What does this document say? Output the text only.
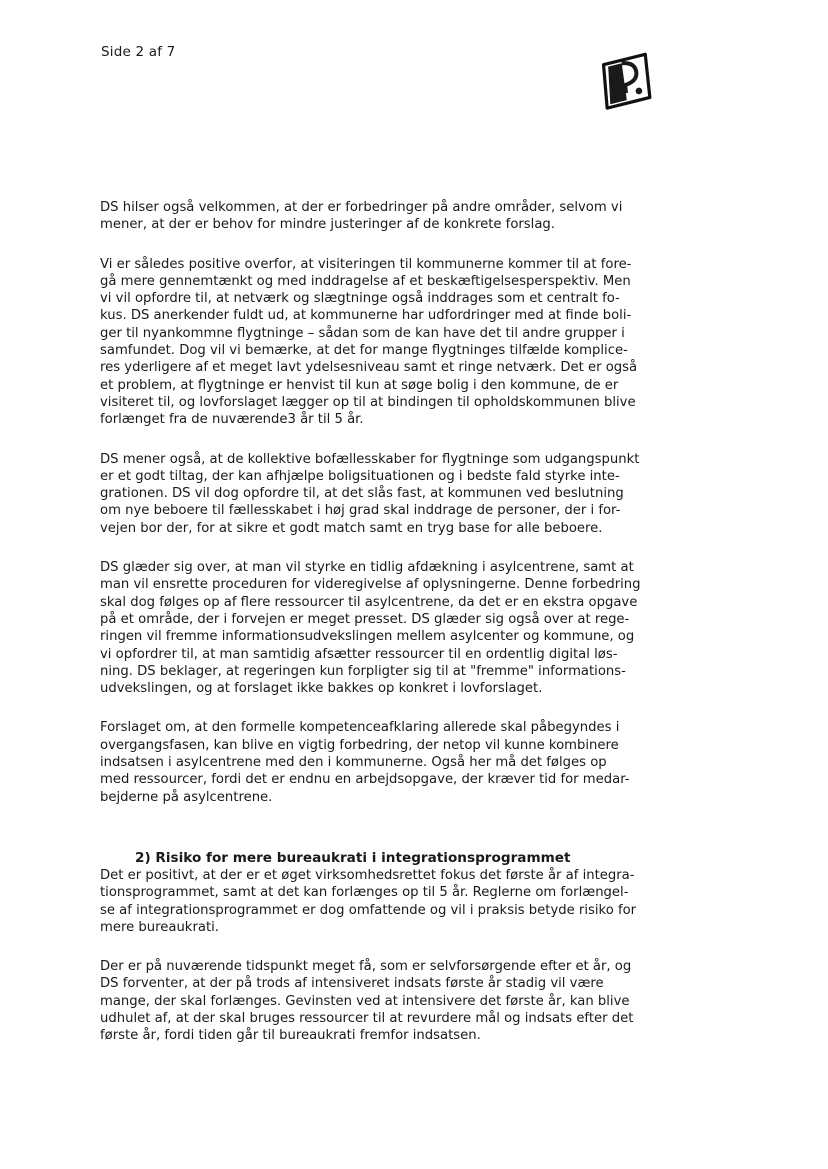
Side 2 af 7

DS hilser også velkommen, at der er forbedringer på andre områder, selvom vi
mener, at der er behov for mindre justeringer af de konkrete forslag.

Vi er således positive overfor, at visiteringen til kommunerne kommer til at fore-
gå mere gennemtænkt og med inddragelse af et beskæftigelsesperspektiv. Men
vi vil opfordre til, at netværk og slægtninge også inddrages som et centralt fo-
kus. DS anerkender fuldt ud, at kommunerne har udfordringer med at finde boli-
ger til nyankommne flygtninge – sådan som de kan have det til andre grupper i
samfundet. Dog vil vi bemærke, at det for mange flygtninges tilfælde komplice-
res yderligere af et meget lavt ydelsesniveau samt et ringe netværk. Det er også
et problem, at flygtninge er henvist til kun at søge bolig i den kommune, de er
visiteret til, og lovforslaget lægger op til at bindingen til opholdskommunen blive
forlænget fra de nuværende3 år til 5 år.

DS mener også, at de kollektive bofællesskaber for flygtninge som udgangspunkt
er et godt tiltag, der kan afhjælpe boligsituationen og i bedste fald styrke inte-
grationen. DS vil dog opfordre til, at det slås fast, at kommunen ved beslutning
om nye beboere til fællesskabet i høj grad skal inddrage de personer, der i for-
vejen bor der, for at sikre et godt match samt en tryg base for alle beboere.

DS glæder sig over, at man vil styrke en tidlig afdækning i asylcentrene, samt at
man vil ensrette proceduren for videregivelse af oplysningerne. Denne forbedring
skal dog følges op af flere ressourcer til asylcentrene, da det er en ekstra opgave
på et område, der i forvejen er meget presset. DS glæder sig også over at rege-
ringen vil fremme informationsudvekslingen mellem asylcenter og kommune, og
vi opfordrer til, at man samtidig afsætter ressourcer til en ordentlig digital løs-
ning. DS beklager, at regeringen kun forpligter sig til at "fremme" informations-
udvekslingen, og at forslaget ikke bakkes op konkret i lovforslaget.

Forslaget om, at den formelle kompetenceafklaring allerede skal påbegyndes i
overgangsfasen, kan blive en vigtig forbedring, der netop vil kunne kombinere
indsatsen i asylcentrene med den i kommunerne. Også her må det følges op
med ressourcer, fordi det er endnu en arbejdsopgave, der kræver tid for medar-
bejderne på asylcentrene.

2) Risiko for mere bureaukrati i integrationsprogrammet

Det er positivt, at der er et øget virksomhedsrettet fokus det første år af integra-
tionsprogrammet, samt at det kan forlænges op til 5 år. Reglerne om forlængel-
se af integrationsprogrammet er dog omfattende og vil i praksis betyde risiko for
mere bureaukrati.

Der er på nuværende tidspunkt meget få, som er selvforsørgende efter et år, og
DS forventer, at der på trods af intensiveret indsats første år stadig vil være
mange, der skal forlænges. Gevinsten ved at intensivere det første år, kan blive
udhulet af, at der skal bruges ressourcer til at revurdere mål og indsats efter det
første år, fordi tiden går til bureaukrati fremfor indsatsen.
